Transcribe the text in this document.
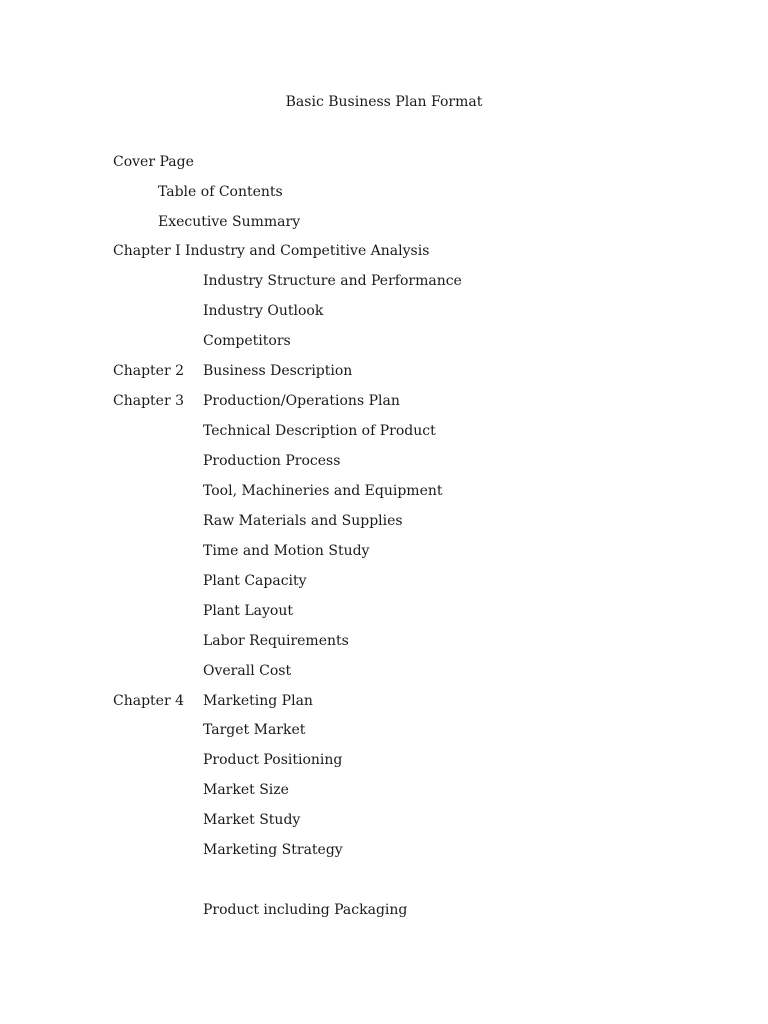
Basic Business Plan Format
Cover Page
Table of Contents
Executive Summary
Chapter I Industry and Competitive Analysis
Industry Structure and Performance
Industry Outlook
Competitors
Chapter 2 Business Description
Chapter 3 Production/Operations Plan
Technical Description of Product
Production Process
Tool, Machineries and Equipment
Raw Materials and Supplies
Time and Motion Study
Plant Capacity
Plant Layout
Labor Requirements
Overall Cost
Chapter 4 Marketing Plan
Target Market
Product Positioning
Market Size
Market Study
Marketing Strategy
Product including Packaging
